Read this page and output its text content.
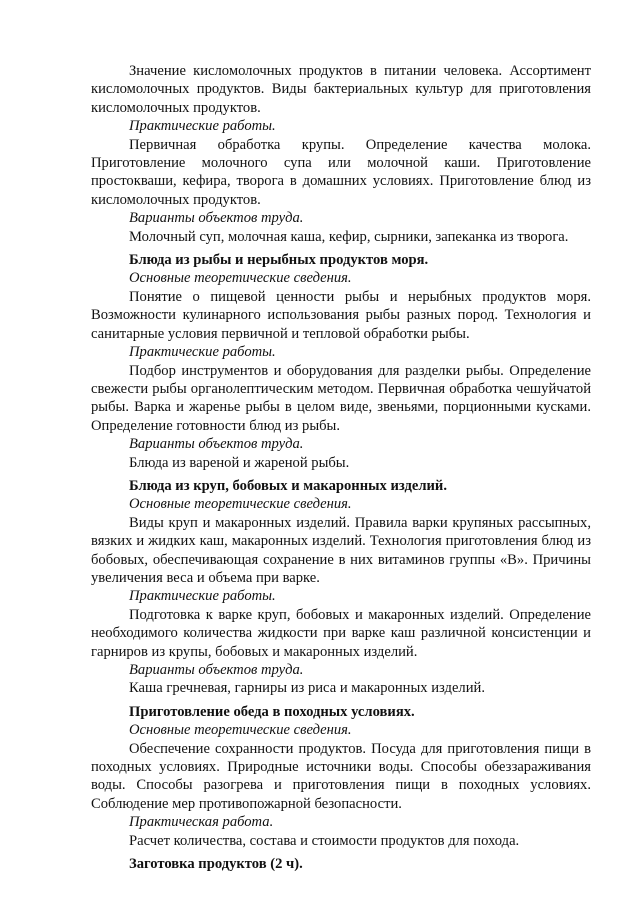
Значение кисломолочных продуктов в питании человека. Ассортимент кисломолочных продуктов. Виды бактериальных культур для приготовления кисломолочных продуктов.

Практические работы.

Первичная обработка крупы. Определение качества молока. Приготовление молочного супа или молочной каши. Приготовление простокваши, кефира, творога в домашних условиях. Приготовление блюд из кисломолочных продуктов.

Варианты объектов труда.

Молочный суп, молочная каша, кефир, сырники, запеканка из творога.

Блюда из рыбы и нерыбных продуктов моря.

Основные теоретические сведения.

Понятие о пищевой ценности рыбы и нерыбных продуктов моря. Возможности кулинарного использования рыбы разных пород. Технология и санитарные условия первичной и тепловой обработки рыбы.

Практические работы.

Подбор инструментов и оборудования для разделки рыбы. Определение свежести рыбы органолептическим методом. Первичная обработка чешуйчатой рыбы. Варка и жаренье рыбы в целом виде, звеньями, порционными кусками. Определение готовности блюд из рыбы.

Варианты объектов труда.

Блюда из вареной и жареной рыбы.

Блюда из круп, бобовых и макаронных изделий.

Основные теоретические сведения.

Виды круп и макаронных изделий. Правила варки крупяных рассыпных, вязких и жидких каш, макаронных изделий. Технология приготовления блюд из бобовых, обеспечивающая сохранение в них витаминов группы «В». Причины увеличения веса и объема при варке.

Практические работы.

Подготовка к варке круп, бобовых и макаронных изделий. Определение необходимого количества жидкости при варке каш различной консистенции и гарниров из крупы, бобовых и макаронных изделий.

Варианты объектов труда.

Каша гречневая, гарниры из риса и макаронных изделий.

Приготовление обеда в походных условиях.

Основные теоретические сведения.

Обеспечение сохранности продуктов. Посуда для приготовления пищи в походных условиях. Природные источники воды. Способы обеззараживания воды. Способы разогрева и приготовления пищи в походных условиях. Соблюдение мер противопожарной безопасности.

Практическая работа.

Расчет количества, состава и стоимости продуктов для похода.

Заготовка продуктов (2 ч).
